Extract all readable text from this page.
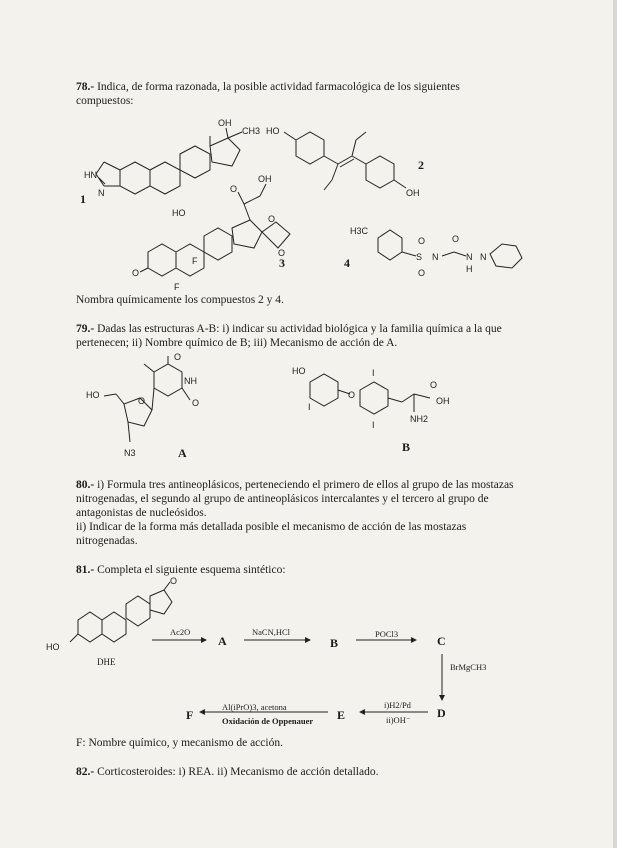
78.- Indica, de forma razonada, la posible actividad farmacológica de los siguientes
compuestos:
OH
CH3
HN
N
1
HO
OH
2
O
OH
O
O
O
HO
F
F
3
H3C
S
O
O
N
O
N
H
N
4
Nombra químicamente los compuestos 2 y 4.
79.- Dadas las estructuras A-B: i) indicar su actividad biológica y la familia química a la que
pertenecen; ii) Nombre químico de B; iii) Mecanismo de acción de A.
O
NH
O
O
HO
N3	A
HO
I
O
I
I
O
OH
NH2
B
80.- i) Formula tres antineoplásicos, perteneciendo el primero de ellos al grupo de las mostazas
nitrogenadas, el segundo al grupo de antineoplásicos intercalantes y el tercero al grupo de
antagonistas de nucleósidos.
ii) Indicar de la forma más detallada posible el mecanismo de acción de las mostazas
nitrogenadas.
81.- Completa el siguiente esquema sintético:
O
HO
DHE
Ac2O
A
NaCN,HCl
B
POCl3	C
BrMgCH3
D
i)H2/Pd
ii)OH⁻
E
Al(iPrO)3, acetona
Oxidación de Oppenauer
F
F: Nombre químico, y mecanismo de acción.
82.- Corticosteroides: i) REA. ii) Mecanismo de acción detallado.
